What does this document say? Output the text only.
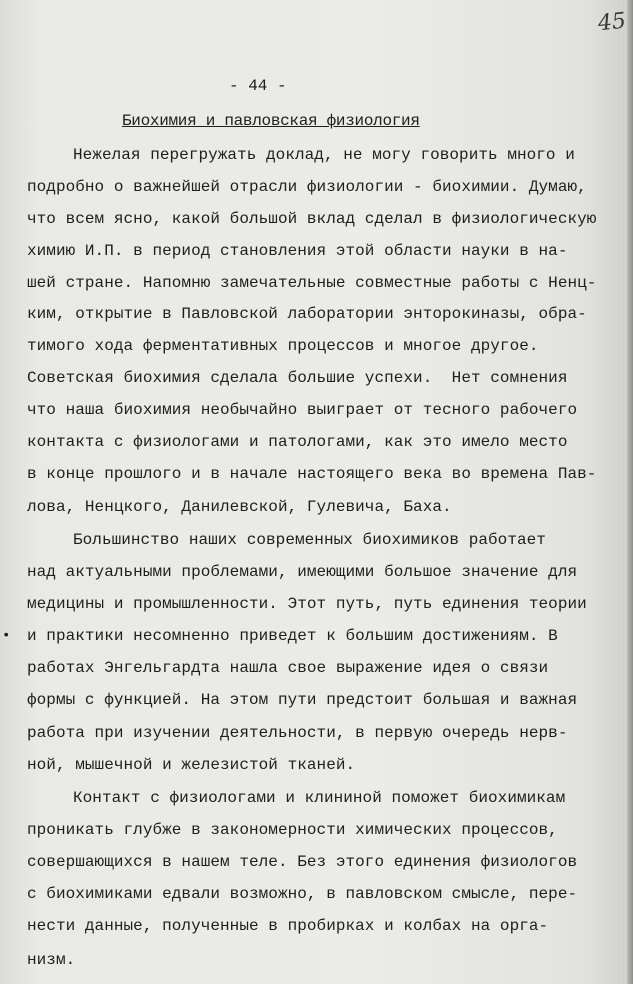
45
- 44 -
Биохимия и павловская физиология
•
Нежелая перегружать доклад, не могу говорить много и
подробно о важнейшей отрасли физиологии - биохимии. Думаю,
что всем ясно, какой большой вклад сделал в физиологическую
химию И.П. в период становления этой области науки в на-
шей стране. Напомню замечательные совместные работы с Ненц-
ким, открытие в Павловской лаборатории энторокиназы, обра-
тимого хода ферментативных процессов и многое другое.
Советская биохимия сделала большие успехи.  Нет сомнения
что наша биохимия необычайно выиграет от тесного рабочего
контакта с физиологами и патологами, как это имело место
в конце прошлого и в начале настоящего века во времена Пав-
лова, Ненцкого, Данилевской, Гулевича, Баха.
Большинство наших современных биохимиков работает
над актуальными проблемами, имеющими большое значение для
медицины и промышленности. Этот путь, путь единения теории
и практики несомненно приведет к большим достижениям. В
работах Энгельгардта нашла свое выражение идея о связи
формы с функцией. На этом пути предстоит большая и важная
работа при изучении деятельности, в первую очередь нерв-
ной, мышечной и железистой тканей.
Контакт с физиологами и клининой поможет биохимикам
проникать глубже в закономерности химических процессов,
совершающихся в нашем теле. Без этого единения физиологов
с биохимиками едвали возможно, в павловском смысле, пере-
нести данные, полученные в пробирках и колбах на орга-
низм.
